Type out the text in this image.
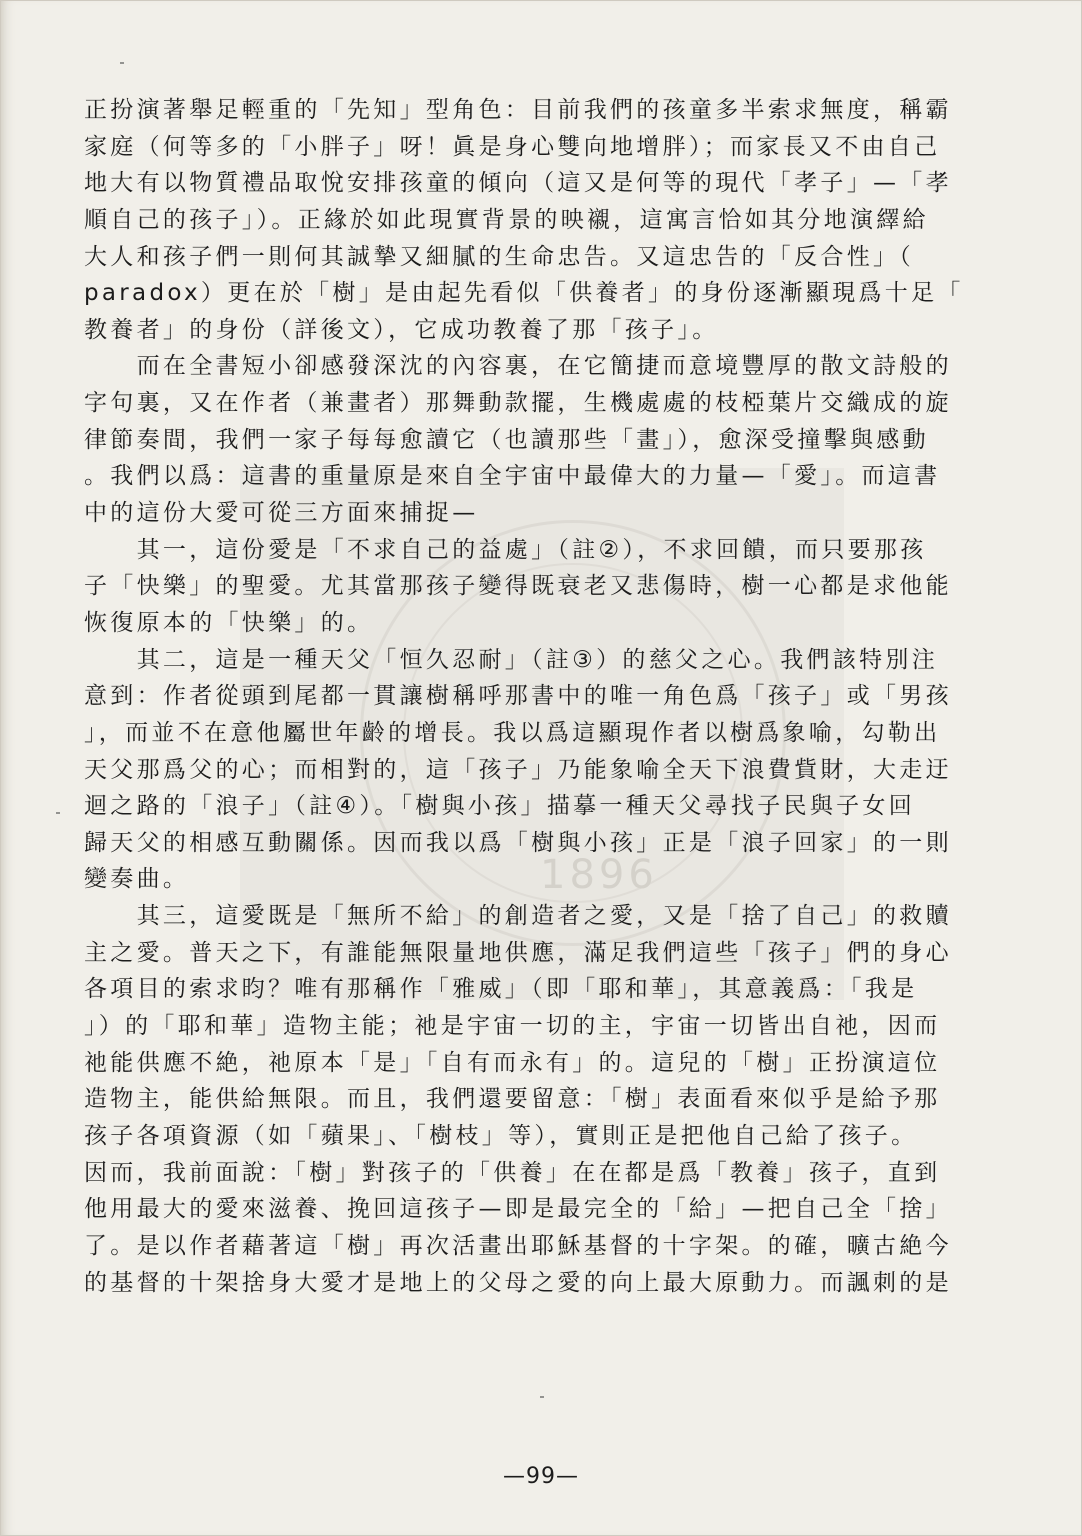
1896
正扮演著舉足輕重的「先知」型角色：目前我們的孩童多半索求無度，稱霸
家庭（何等多的「小胖子」呀！眞是身心雙向地增胖）；而家長又不由自己
地大有以物質禮品取悅安排孩童的傾向（這又是何等的現代「孝子」—「孝
順自己的孩子」）。正緣於如此現實背景的映襯，這寓言恰如其分地演繹給
大人和孩子們一則何其誠摯又細膩的生命忠告。又這忠告的「反合性」（
paradox）更在於「樹」是由起先看似「供養者」的身份逐漸顯現爲十足「
教養者」的身份（詳後文），它成功教養了那「孩子」。
　　而在全書短小卻感發深沈的內容裏，在它簡捷而意境豐厚的散文詩般的
字句裏，又在作者（兼畫者）那舞動款擺，生機處處的枝椏葉片交織成的旋
律節奏間，我們一家子每每愈讀它（也讀那些「畫」），愈深受撞擊與感動
。我們以爲：這書的重量原是來自全宇宙中最偉大的力量—「愛」。而這書
中的這份大愛可從三方面來捕捉—
　　其一，這份愛是「不求自己的益處」（註②），不求回饋，而只要那孩
子「快樂」的聖愛。尤其當那孩子變得既衰老又悲傷時，樹一心都是求他能
恢復原本的「快樂」的。
　　其二，這是一種天父「恒久忍耐」（註③）的慈父之心。我們該特別注
意到：作者從頭到尾都一貫讓樹稱呼那書中的唯一角色爲「孩子」或「男孩
」，而並不在意他屬世年齡的增長。我以爲這顯現作者以樹爲象喻，勾勒出
天父那爲父的心；而相對的，這「孩子」乃能象喻全天下浪費貲財，大走迂
迴之路的「浪子」（註④）。「樹與小孩」描摹一種天父尋找子民與子女回
歸天父的相感互動關係。因而我以爲「樹與小孩」正是「浪子回家」的一則
變奏曲。
　　其三，這愛既是「無所不給」的創造者之愛，又是「捨了自己」的救贖
主之愛。普天之下，有誰能無限量地供應，滿足我們這些「孩子」們的身心
各項目的索求昀？唯有那稱作「雅威」（即「耶和華」，其意義爲：「我是
」）的「耶和華」造物主能；祂是宇宙一切的主，宇宙一切皆出自祂，因而
祂能供應不絶，祂原本「是」「自有而永有」的。這兒的「樹」正扮演這位
造物主，能供給無限。而且，我們還要留意：「樹」表面看來似乎是給予那
孩子各項資源（如「蘋果」、「樹枝」等），實則正是把他自己給了孩子。
因而，我前面說：「樹」對孩子的「供養」在在都是爲「教養」孩子，直到
他用最大的愛來滋養、挽回這孩子—即是最完全的「給」—把自己全「捨」
了。是以作者藉著這「樹」再次活畫出耶穌基督的十字架。的確，曠古絶今
的基督的十架捨身大愛才是地上的父母之愛的向上最大原動力。而諷刺的是
—99—
